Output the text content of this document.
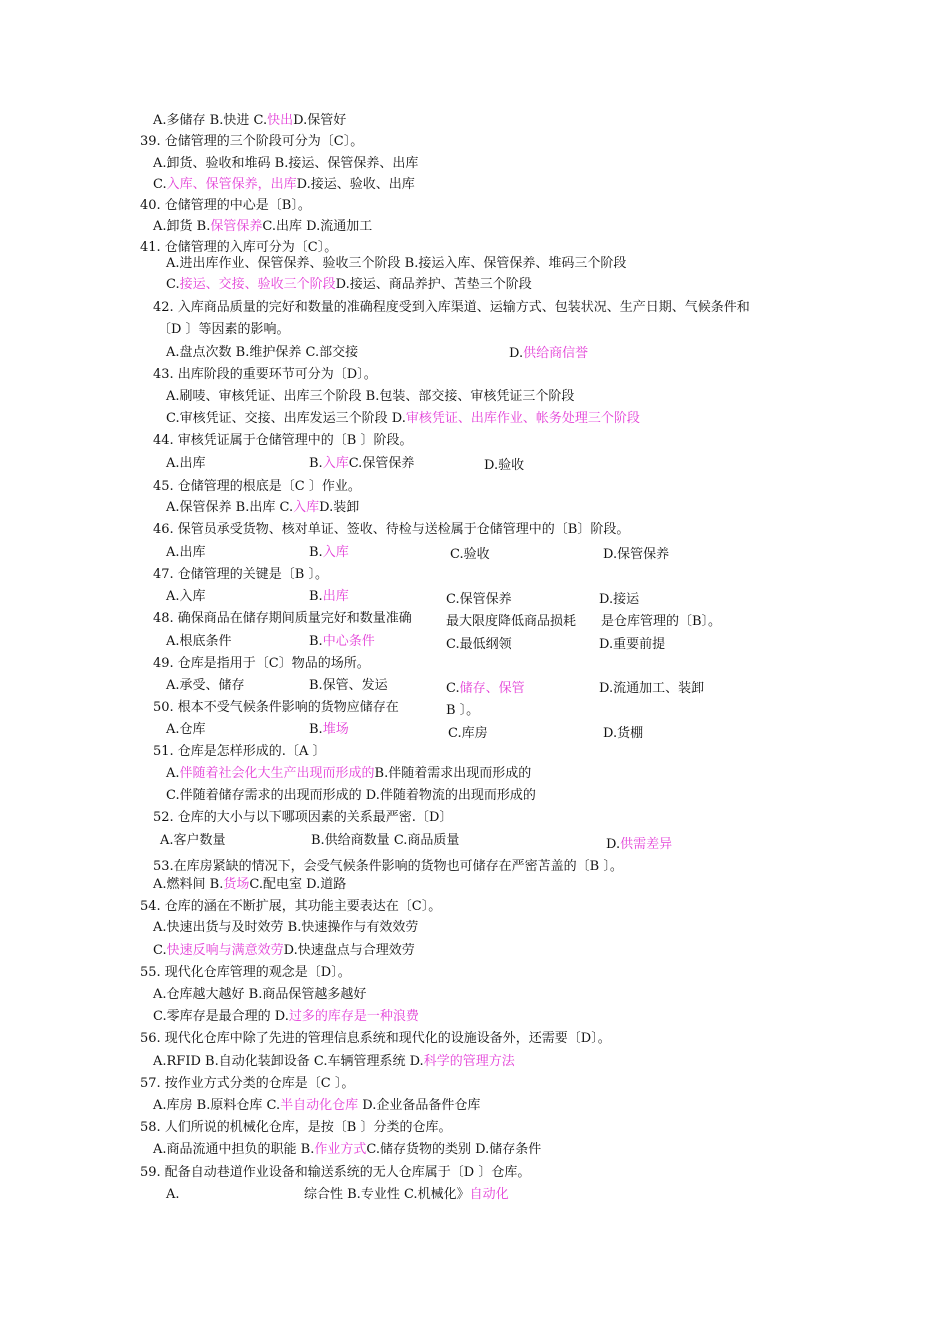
A.多储存 B.快进 C.快出D.保管好
39. 仓储管理的三个阶段可分为〔C〕。
A.卸货、验收和堆码 B.接运、保管保养、出库
C.入库、保管保养，出库D.接运、验收、出库
40. 仓储管理的中心是〔B〕。
A.卸货 B.保管保养C.出库 D.流通加工
41. 仓储管理的入库可分为〔C〕。
A.进出库作业、保管保养、验收三个阶段 B.接运入库、保管保养、堆码三个阶段
C.接运、交接、验收三个阶段D.接运、商品养护、苫垫三个阶段
42. 入库商品质量的完好和数量的准确程度受到入库渠道、运输方式、包装状况、生产日期、气候条件和
〔D 〕等因素的影响。
A.盘点次数 B.维护保养 C.部交接	D.供给商信誉
43. 出库阶段的重要环节可分为〔D〕。
A.刷唛、审核凭证、出库三个阶段 B.包装、部交接、审核凭证三个阶段
C.审核凭证、交接、出库发运三个阶段 D.审核凭证、出库作业、帐务处理三个阶段
44. 审核凭证属于仓储管理中的〔B 〕阶段。
A.出库	B.入库C.保管保养	D.验收
45. 仓储管理的根底是〔C 〕作业。
A.保管保养 B.出库 C.入库D.装卸
46. 保管员承受货物、核对单证、签收、待检与送检属于仓储管理中的〔B〕阶段。
A.出库	B.入库	C.验收	D.保管保养
47. 仓储管理的关键是〔B 〕。
A.入库	B.出库	C.保管保养	D.接运
48. 确保商品在储存期间质量完好和数量准确	最大限度降低商品损耗 是仓库管理的〔B〕。
A.根底条件	B.中心条件	C.最低纲领	D.重要前提
49. 仓库是指用于〔C〕物品的场所。
A.承受、储存	B.保管、发运	C.储存、保管	D.流通加工、装卸
50. 根本不受气候条件影响的货物应储存在	B 〕。
A.仓库	B.堆场	C.库房	D.货棚
51. 仓库是怎样形成的.〔A 〕
A.伴随着社会化大生产出现而形成的B.伴随着需求出现而形成的
C.伴随着储存需求的出现而形成的 D.伴随着物流的出现而形成的
52. 仓库的大小与以下哪项因素的关系最严密.〔D〕
A.客户数量	B.供给商数量 C.商品质量	D.供需差异
53.在库房紧缺的情况下，会受气候条件影响的货物也可储存在严密苫盖的〔B 〕。
A.燃料间 B.货场C.配电室 D.道路
54. 仓库的涵在不断扩展，其功能主要表达在〔C〕。
A.快速出货与及时效劳 B.快速操作与有效效劳
C.快速反响与满意效劳D.快速盘点与合理效劳
55. 现代化仓库管理的观念是〔D〕。
A.仓库越大越好 B.商品保管越多越好
C.零库存是最合理的 D.过多的库存是一种浪费
56. 现代化仓库中除了先进的管理信息系统和现代化的设施设备外，还需要〔D〕。
A.RFID B.自动化装卸设备 C.车辆管理系统 D.科学的管理方法
57. 按作业方式分类的仓库是〔C 〕。
A.库房 B.原料仓库 C.半自动化仓库 D.企业备品备件仓库
58. 人们所说的机械化仓库，是按〔B 〕分类的仓库。
A.商品流通中担负的职能 B.作业方式C.储存货物的类别 D.储存条件
59. 配备自动巷道作业设备和输送系统的无人仓库属于〔D 〕仓库。
A.	综合性 B.专业性 C.机械化》自动化
